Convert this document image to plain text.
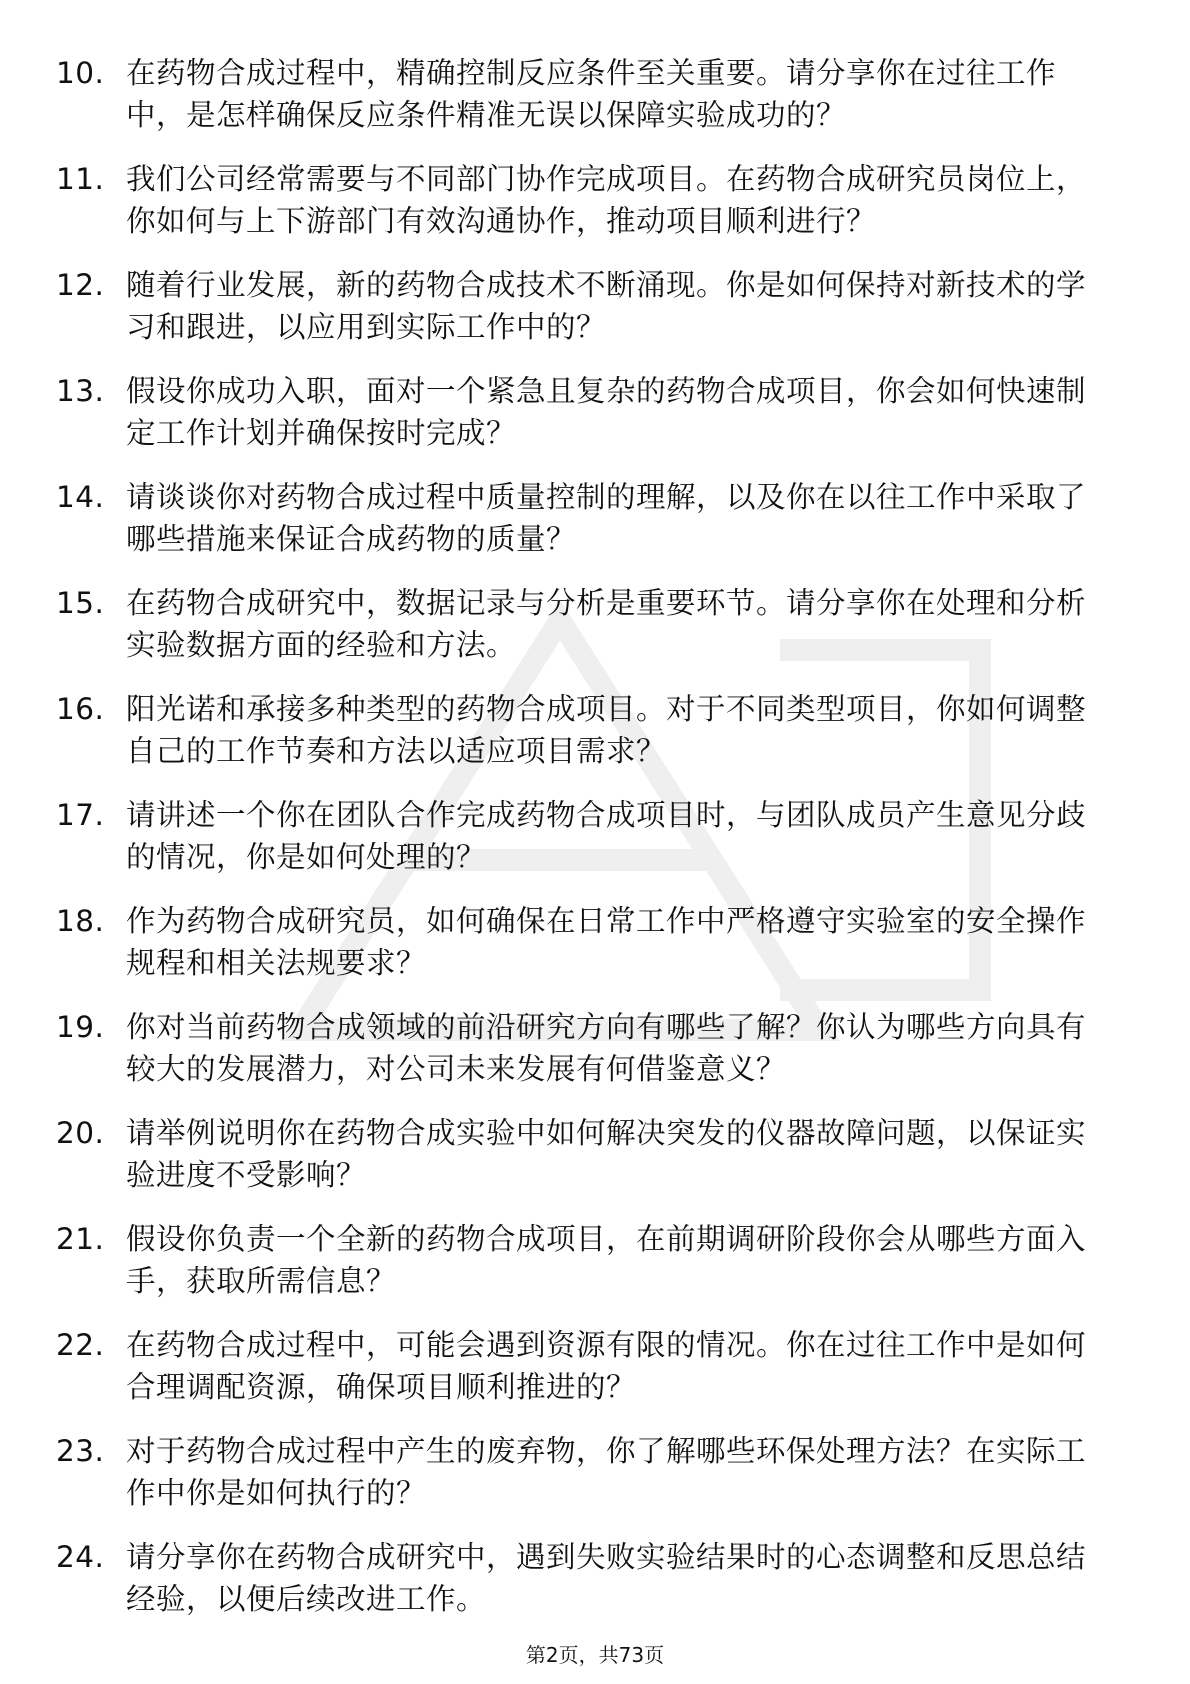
10. 在药物合成过程中，精确控制反应条件至关重要。请分享你在过往工作中，是怎样确保反应条件精准无误以保障实验成功的？
11. 我们公司经常需要与不同部门协作完成项目。在药物合成研究员岗位上，你如何与上下游部门有效沟通协作，推动项目顺利进行？
12. 随着行业发展，新的药物合成技术不断涌现。你是如何保持对新技术的学习和跟进，以应用到实际工作中的？
13. 假设你成功入职，面对一个紧急且复杂的药物合成项目，你会如何快速制定工作计划并确保按时完成？
14. 请谈谈你对药物合成过程中质量控制的理解，以及你在以往工作中采取了哪些措施来保证合成药物的质量？
15. 在药物合成研究中，数据记录与分析是重要环节。请分享你在处理和分析实验数据方面的经验和方法。
16. 阳光诺和承接多种类型的药物合成项目。对于不同类型项目，你如何调整自己的工作节奏和方法以适应项目需求？
17. 请讲述一个你在团队合作完成药物合成项目时，与团队成员产生意见分歧的情况，你是如何处理的？
18. 作为药物合成研究员，如何确保在日常工作中严格遵守实验室的安全操作规程和相关法规要求？
19. 你对当前药物合成领域的前沿研究方向有哪些了解？你认为哪些方向具有较大的发展潜力，对公司未来发展有何借鉴意义？
20. 请举例说明你在药物合成实验中如何解决突发的仪器故障问题，以保证实验进度不受影响？
21. 假设你负责一个全新的药物合成项目，在前期调研阶段你会从哪些方面入手，获取所需信息？
22. 在药物合成过程中，可能会遇到资源有限的情况。你在过往工作中是如何合理调配资源，确保项目顺利推进的？
23. 对于药物合成过程中产生的废弃物，你了解哪些环保处理方法？在实际工作中你是如何执行的？
24. 请分享你在药物合成研究中，遇到失败实验结果时的心态调整和反思总结经验，以便后续改进工作。
第2页，共73页
